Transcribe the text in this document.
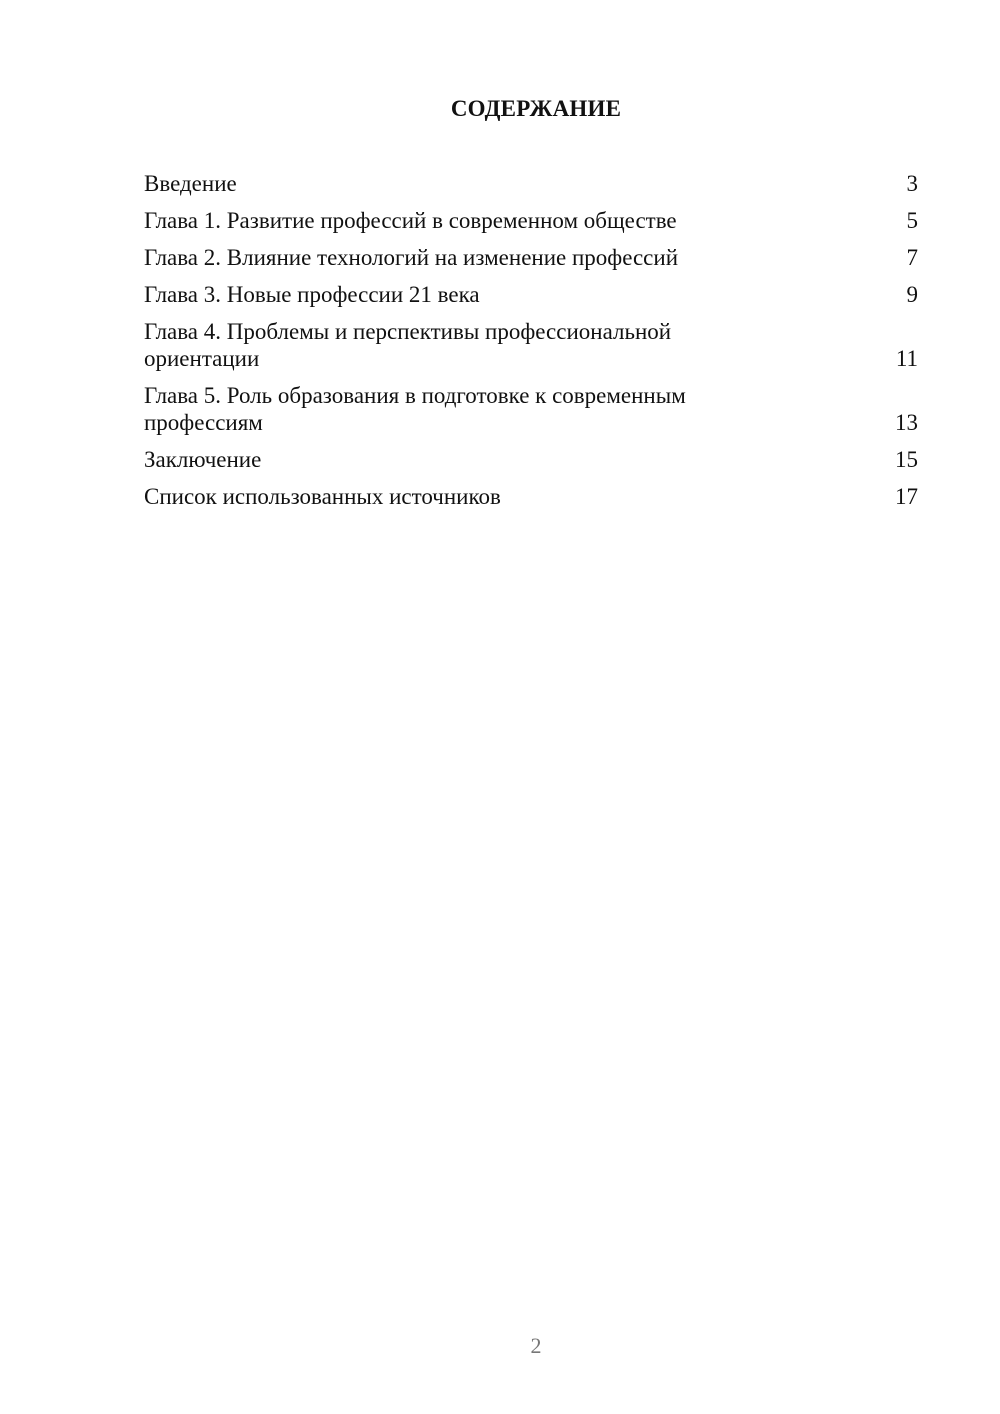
СОДЕРЖАНИЕ
Введение	3
Глава 1. Развитие профессий в современном обществе	5
Глава 2. Влияние технологий на изменение профессий	7
Глава 3. Новые профессии 21 века	9
Глава 4. Проблемы и перспективы профессиональной ориентации	11
Глава 5. Роль образования в подготовке к современным профессиям	13
Заключение	15
Список использованных источников	17
2
